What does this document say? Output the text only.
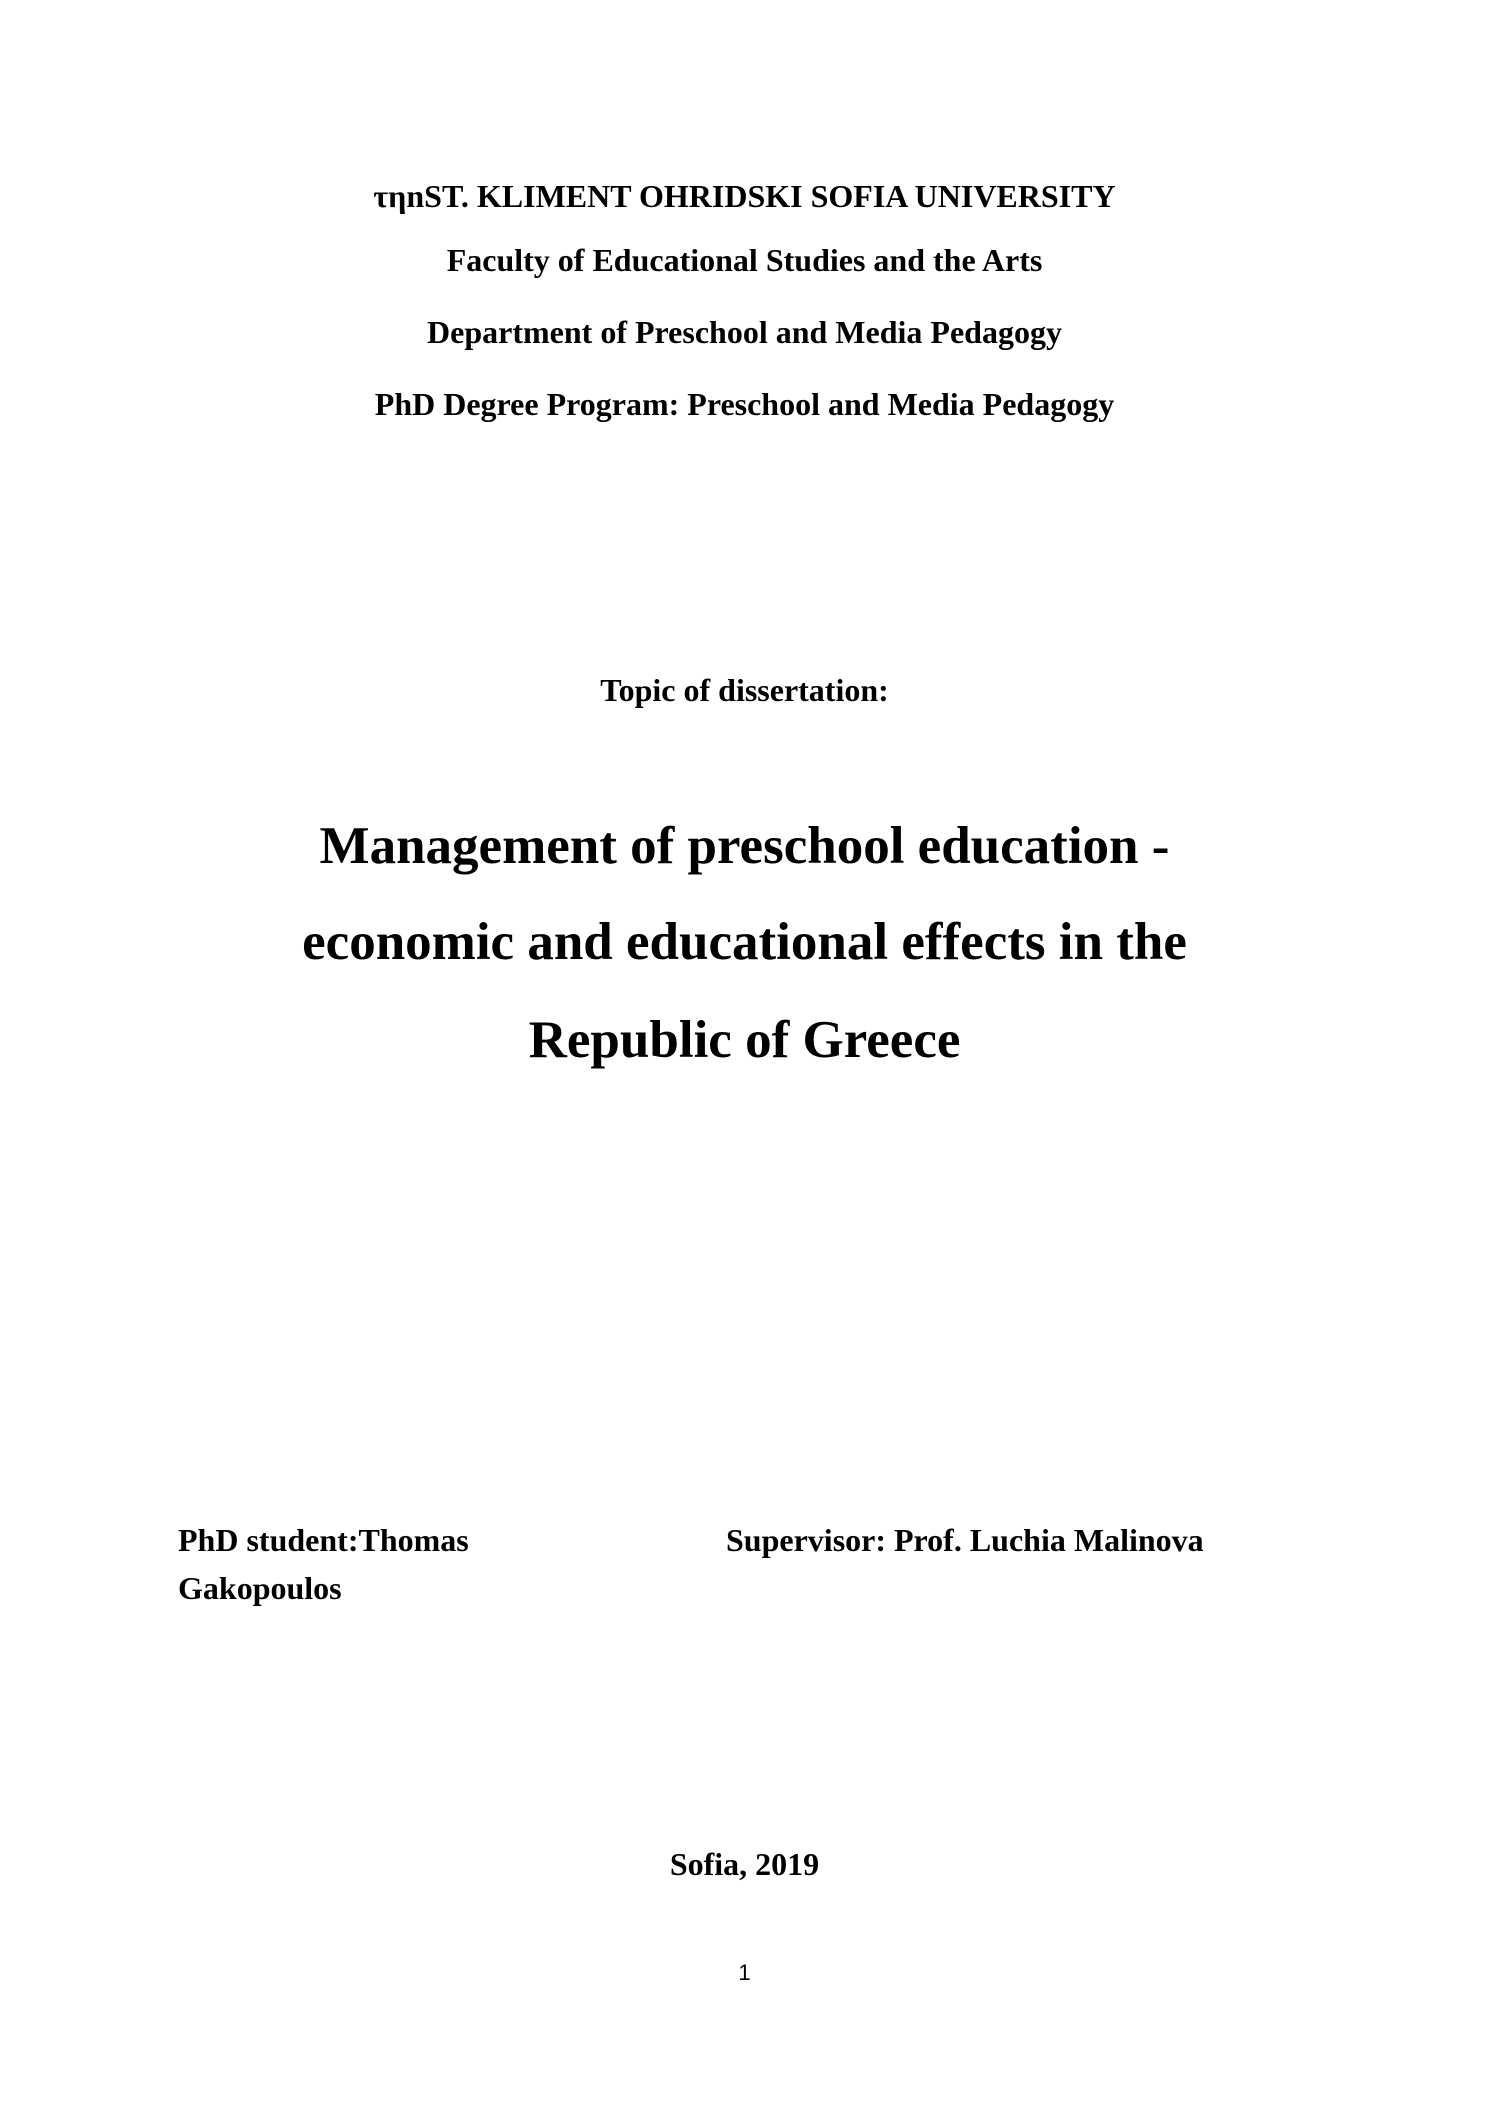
τηnST. KLIMENT OHRIDSKI SOFIA UNIVERSITY
Faculty of Educational Studies and the Arts
Department of Preschool and Media Pedagogy
PhD Degree Program: Preschool and Media Pedagogy
Topic of dissertation:
Management of preschool education -
economic and educational effects in the
Republic of Greece
PhD student:Thomas Gakopoulos
Supervisor: Prof. Luchia Malinova
Sofia, 2019
1
